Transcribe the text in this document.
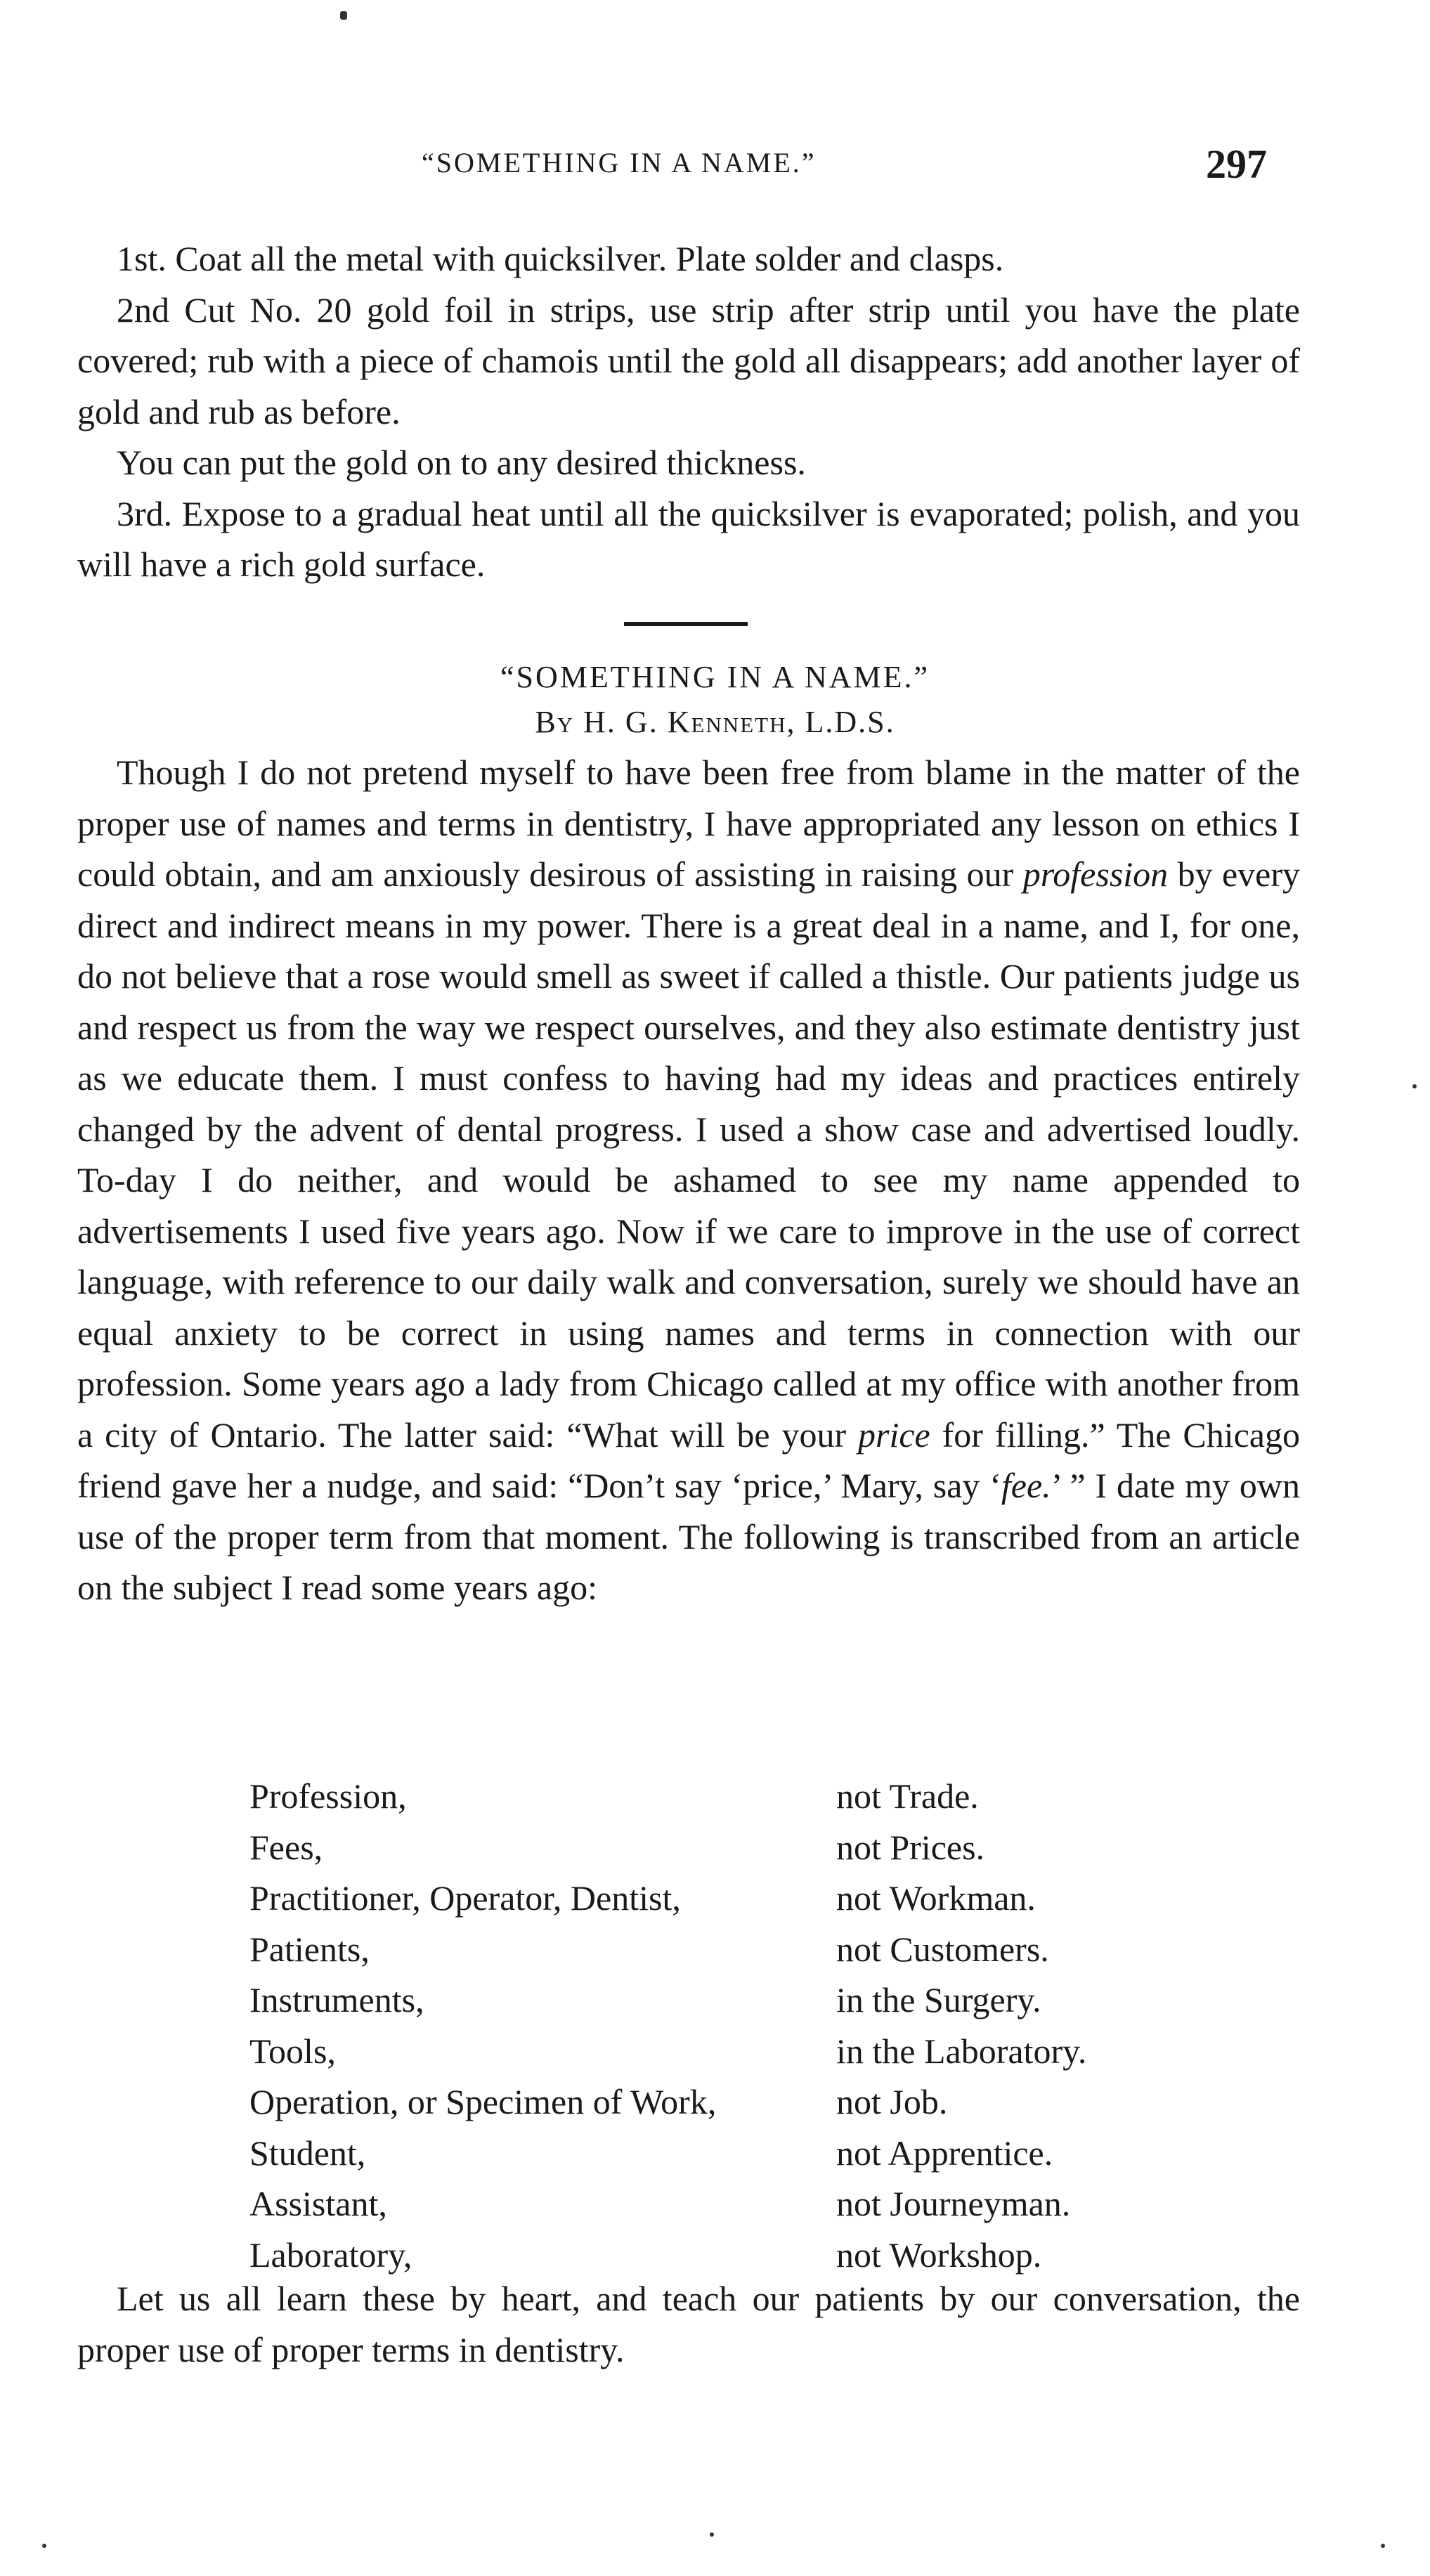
“SOMETHING IN A NAME.”	297

1st. Coat all the metal with quicksilver. Plate solder and clasps.

2nd Cut No. 20 gold foil in strips, use strip after strip until you have the plate covered; rub with a piece of chamois until the gold all disappears; add another layer of gold and rub as before.

You can put the gold on to any desired thickness.

3rd. Expose to a gradual heat until all the quicksilver is evaporated; polish, and you will have a rich gold surface.

“SOMETHING IN A NAME.”
By H. G. Kenneth, L.D.S.

Though I do not pretend myself to have been free from blame in the matter of the proper use of names and terms in dentistry, I have appropriated any lesson on ethics I could obtain, and am anxiously desirous of assisting in raising our profession by every direct and indirect means in my power. There is a great deal in a name, and I, for one, do not believe that a rose would smell as sweet if called a thistle. Our patients judge us and respect us from the way we respect ourselves, and they also estimate dentistry just as we educate them. I must confess to having had my ideas and practices entirely changed by the advent of dental progress. I used a show case and advertised loudly. To-day I do neither, and would be ashamed to see my name appended to advertisements I used five years ago. Now if we care to improve in the use of correct language, with reference to our daily walk and conversation, surely we should have an equal anxiety to be correct in using names and terms in connection with our profession. Some years ago a lady from Chicago called at my office with another from a city of Ontario. The latter said: “What will be your price for filling.” The Chicago friend gave her a nudge, and said: “Don’t say ‘price,’ Mary, say ‘fee.’ ” I date my own use of the proper term from that moment. The following is transcribed from an article on the subject I read some years ago:

Profession,	not Trade.
Fees,	not Prices.
Practitioner, Operator, Dentist,	not Workman.
Patients,	not Customers.
Instruments,	in the Surgery.
Tools,	in the Laboratory.
Operation, or Specimen of Work,	not Job.
Student,	not Apprentice.
Assistant,	not Journeyman.
Laboratory,	not Workshop.

Let us all learn these by heart, and teach our patients by our conversation, the proper use of proper terms in dentistry.
